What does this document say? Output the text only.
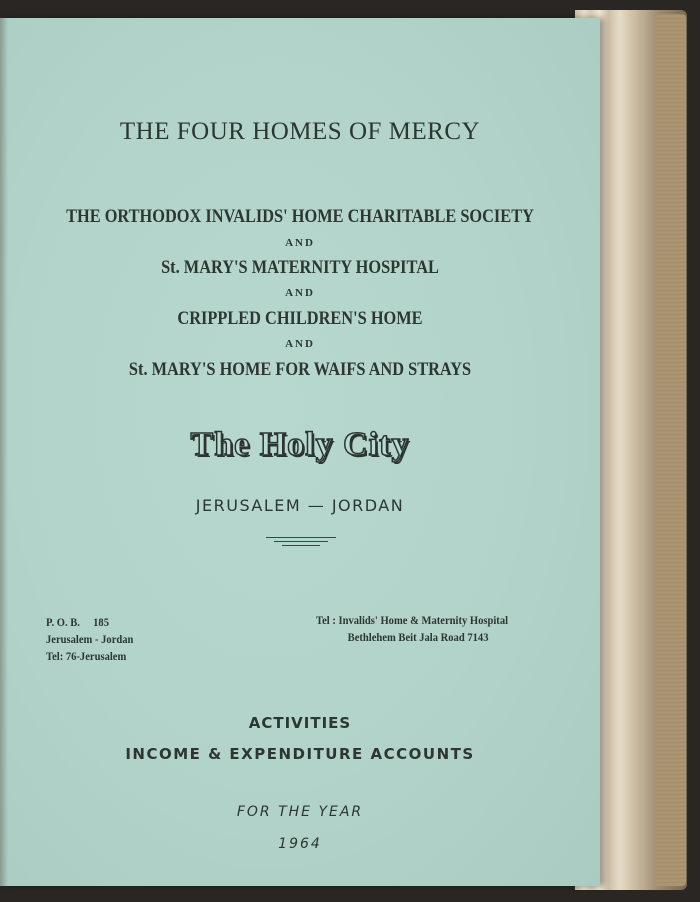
THE FOUR HOMES OF MERCY
THE ORTHODOX INVALIDS' HOME CHARITABLE SOCIETY
AND
St. MARY'S MATERNITY HOSPITAL
AND
CRIPPLED CHILDREN'S HOME
AND
St. MARY'S HOME FOR WAIFS AND STRAYS
The Holy City
JERUSALEM — JORDAN
P. O. B.     185
Jerusalem - Jordan
Tel: 76-Jerusalem
Tel : Invalids' Home & Maternity Hospital
Bethlehem Beit Jala Road 7143
ACTIVITIES
INCOME & EXPENDITURE ACCOUNTS
FOR THE YEAR
1964
